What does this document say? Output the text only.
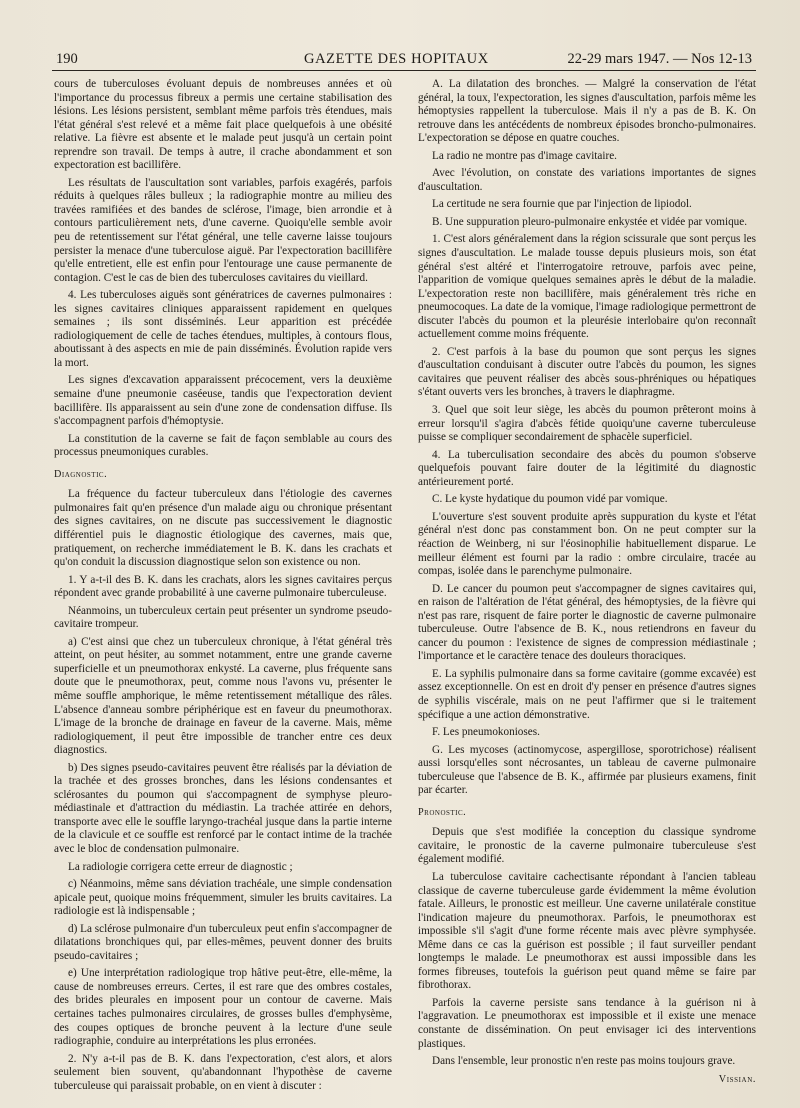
190	GAZETTE DES HOPITAUX	22-29 mars 1947. — Nos 12-13

cours de tuberculoses évoluant depuis de nombreuses années et où l'importance du processus fibreux a permis une certaine stabilisation des lésions. Les lésions persistent, semblant même parfois très étendues, mais l'état général s'est relevé et a même fait place quelquefois à une obésité relative. La fièvre est absente et le malade peut jusqu'à un certain point reprendre son travail. De temps à autre, il crache abondamment et son expectoration est bacillifère.

Les résultats de l'auscultation sont variables, parfois exagérés, parfois réduits à quelques râles bulleux ; la radiographie montre au milieu des travées ramifiées et des bandes de sclérose, l'image, bien arrondie et à contours particulièrement nets, d'une caverne. Quoiqu'elle semble avoir peu de retentissement sur l'état général, une telle caverne laisse toujours persister la menace d'une tuberculose aiguë. Par l'expectoration bacillifère qu'elle entretient, elle est enfin pour l'entourage une cause permanente de contagion. C'est le cas de bien des tuberculoses cavitaires du vieillard.

4. Les tuberculoses aiguës sont génératrices de cavernes pulmonaires : les signes cavitaires cliniques apparaissent rapidement en quelques semaines ; ils sont disséminés. Leur apparition est précédée radiologiquement de celle de taches étendues, multiples, à contours flous, aboutissant à des aspects en mie de pain disséminés. Évolution rapide vers la mort.

Les signes d'excavation apparaissent précocement, vers la deuxième semaine d'une pneumonie caséeuse, tandis que l'expectoration devient bacillifère. Ils apparaissent au sein d'une zone de condensation diffuse. Ils s'accompagnent parfois d'hémoptysie.

La constitution de la caverne se fait de façon semblable au cours des processus pneumoniques curables.

Diagnostic.

La fréquence du facteur tuberculeux dans l'étiologie des cavernes pulmonaires fait qu'en présence d'un malade aigu ou chronique présentant des signes cavitaires, on ne discute pas successivement le diagnostic différentiel puis le diagnostic étiologique des cavernes, mais que, pratiquement, on recherche immédiatement le B. K. dans les crachats et qu'on conduit la discussion diagnostique selon son existence ou non.

1. Y a-t-il des B. K. dans les crachats, alors les signes cavitaires perçus répondent avec grande probabilité à une caverne pulmonaire tuberculeuse.

Néanmoins, un tuberculeux certain peut présenter un syndrome pseudo-cavitaire trompeur.

a) C'est ainsi que chez un tuberculeux chronique, à l'état général très atteint, on peut hésiter, au sommet notamment, entre une grande caverne superficielle et un pneumothorax enkysté. La caverne, plus fréquente sans doute que le pneumothorax, peut, comme nous l'avons vu, présenter le même souffle amphorique, le même retentissement métallique des râles. L'absence d'anneau sombre périphérique est en faveur du pneumothorax. L'image de la bronche de drainage en faveur de la caverne. Mais, même radiologiquement, il peut être impossible de trancher entre ces deux diagnostics.

b) Des signes pseudo-cavitaires peuvent être réalisés par la déviation de la trachée et des grosses bronches, dans les lésions condensantes et sclérosantes du poumon qui s'accompagnent de symphyse pleuro-médiastinale et d'attraction du médiastin. La trachée attirée en dehors, transporte avec elle le souffle laryngo-trachéal jusque dans la partie interne de la clavicule et ce souffle est renforcé par le contact intime de la trachée avec le bloc de condensation pulmonaire.

La radiologie corrigera cette erreur de diagnostic ;

c) Néanmoins, même sans déviation trachéale, une simple condensation apicale peut, quoique moins fréquemment, simuler les bruits cavitaires. La radiologie est là indispensable ;

d) La sclérose pulmonaire d'un tuberculeux peut enfin s'accompagner de dilatations bronchiques qui, par elles-mêmes, peuvent donner des bruits pseudo-cavitaires ;

e) Une interprétation radiologique trop hâtive peut-être, elle-même, la cause de nombreuses erreurs. Certes, il est rare que des ombres costales, des brides pleurales en imposent pour un contour de caverne. Mais certaines taches pulmonaires circulaires, de grosses bulles d'emphysème, des coupes optiques de bronche peuvent à la lecture d'une seule radiographie, conduire au interprétations les plus erronées.

2. N'y a-t-il pas de B. K. dans l'expectoration, c'est alors, et alors seulement bien souvent, qu'abandonnant l'hypothèse de caverne tuberculeuse qui paraissait probable, on en vient à discuter :

A. La dilatation des bronches. — Malgré la conservation de l'état général, la toux, l'expectoration, les signes d'auscultation, parfois même les hémoptysies rappellent la tuberculose. Mais il n'y a pas de B. K. On retrouve dans les antécédents de nombreux épisodes broncho-pulmonaires. L'expectoration se dépose en quatre couches.

La radio ne montre pas d'image cavitaire.

Avec l'évolution, on constate des variations importantes de signes d'auscultation.

La certitude ne sera fournie que par l'injection de lipiodol.

B. Une suppuration pleuro-pulmonaire enkystée et vidée par vomique.

1. C'est alors généralement dans la région scissurale que sont perçus les signes d'auscultation. Le malade tousse depuis plusieurs mois, son état général s'est altéré et l'interrogatoire retrouve, parfois avec peine, l'apparition de vomique quelques semaines après le début de la maladie. L'expectoration reste non bacillifère, mais généralement très riche en pneumocoques. La date de la vomique, l'image radiologique permettront de discuter l'abcès du poumon et la pleurésie interlobaire qu'on reconnaît actuellement comme moins fréquente.

2. C'est parfois à la base du poumon que sont perçus les signes d'auscultation conduisant à discuter outre l'abcès du poumon, les signes cavitaires que peuvent réaliser des abcès sous-phréniques ou hépatiques s'étant ouverts vers les bronches, à travers le diaphragme.

3. Quel que soit leur siège, les abcès du poumon prêteront moins à erreur lorsqu'il s'agira d'abcès fétide quoiqu'une caverne tuberculeuse puisse se compliquer secondairement de sphacèle superficiel.

4. La tuberculisation secondaire des abcès du poumon s'observe quelquefois pouvant faire douter de la légitimité du diagnostic antérieurement porté.

C. Le kyste hydatique du poumon vidé par vomique.

L'ouverture s'est souvent produite après suppuration du kyste et l'état général n'est donc pas constamment bon. On ne peut compter sur la réaction de Weinberg, ni sur l'éosinophilie habituellement disparue. Le meilleur élément est fourni par la radio : ombre circulaire, tracée au compas, isolée dans le parenchyme pulmonaire.

D. Le cancer du poumon peut s'accompagner de signes cavitaires qui, en raison de l'altération de l'état général, des hémoptysies, de la fièvre qui n'est pas rare, risquent de faire porter le diagnostic de caverne pulmonaire tuberculeuse. Outre l'absence de B. K., nous retiendrons en faveur du cancer du poumon : l'existence de signes de compression médiastinale ; l'importance et le caractère tenace des douleurs thoraciques.

E. La syphilis pulmonaire dans sa forme cavitaire (gomme excavée) est assez exceptionnelle. On est en droit d'y penser en présence d'autres signes de syphilis viscérale, mais on ne peut l'affirmer que si le traitement spécifique a une action démonstrative.

F. Les pneumokonioses.

G. Les mycoses (actinomycose, aspergillose, sporotrichose) réalisent aussi lorsqu'elles sont nécrosantes, un tableau de caverne pulmonaire tuberculeuse que l'absence de B. K., affirmée par plusieurs examens, finit par écarter.

Pronostic.

Depuis que s'est modifiée la conception du classique syndrome cavitaire, le pronostic de la caverne pulmonaire tuberculeuse s'est également modifié.

La tuberculose cavitaire cachectisante répondant à l'ancien tableau classique de caverne tuberculeuse garde évidemment la même évolution fatale. Ailleurs, le pronostic est meilleur. Une caverne unilatérale constitue l'indication majeure du pneumothorax. Parfois, le pneumothorax est impossible s'il s'agit d'une forme récente mais avec plèvre symphysée. Même dans ce cas la guérison est possible ; il faut surveiller pendant longtemps le malade. Le pneumothorax est aussi impossible dans les formes fibreuses, toutefois la guérison peut quand même se faire par fibrothorax.

Parfois la caverne persiste sans tendance à la guérison ni à l'aggravation. Le pneumothorax est impossible et il existe une menace constante de dissémination. On peut envisager ici des interventions plastiques.

Dans l'ensemble, leur pronostic n'en reste pas moins toujours grave.

Vissian.
